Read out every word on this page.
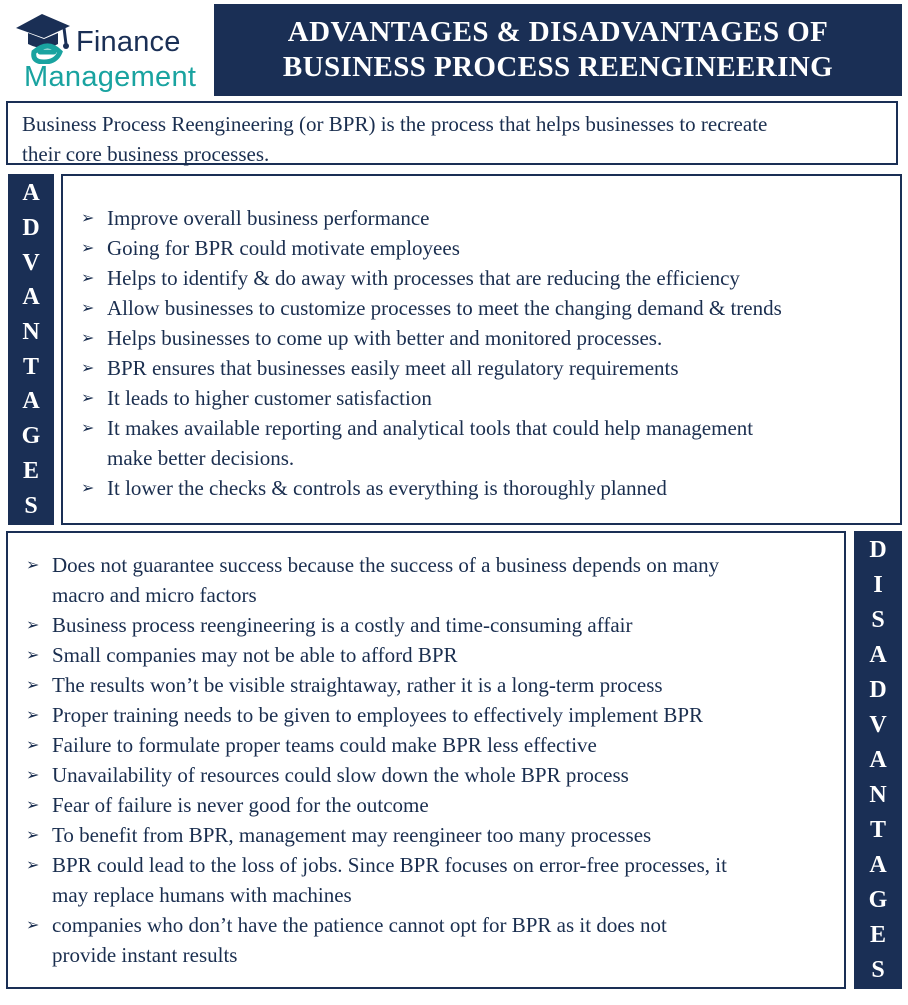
Finance
Management
ADVANTAGES & DISADVANTAGES OF
BUSINESS PROCESS REENGINEERING
Business Process Reengineering (or BPR) is the process that helps businesses to recreate
their core business processes.
A
D
V
A
N
T
A
G
E
S
➢ Improve overall business performance
➢ Going for BPR could motivate employees
➢ Helps to identify & do away with processes that are reducing the efficiency
➢ Allow businesses to customize processes to meet the changing demand & trends
➢ Helps businesses to come up with better and monitored processes.
➢ BPR ensures that businesses easily meet all regulatory requirements
➢ It leads to higher customer satisfaction
➢ It makes available reporting and analytical tools that could help management
make better decisions.
➢ It lower the checks & controls as everything is thoroughly planned
➢ Does not guarantee success because the success of a business depends on many
macro and micro factors
➢ Business process reengineering is a costly and time-consuming affair
➢ Small companies may not be able to afford BPR
➢ The results won’t be visible straightaway, rather it is a long-term process
➢ Proper training needs to be given to employees to effectively implement BPR
➢ Failure to formulate proper teams could make BPR less effective
➢ Unavailability of resources could slow down the whole BPR process
➢ Fear of failure is never good for the outcome
➢ To benefit from BPR, management may reengineer too many processes
➢ BPR could lead to the loss of jobs. Since BPR focuses on error-free processes, it
may replace humans with machines
➢ companies who don’t have the patience cannot opt for BPR as it does not
provide instant results
D
I
S
A
D
V
A
N
T
A
G
E
S
